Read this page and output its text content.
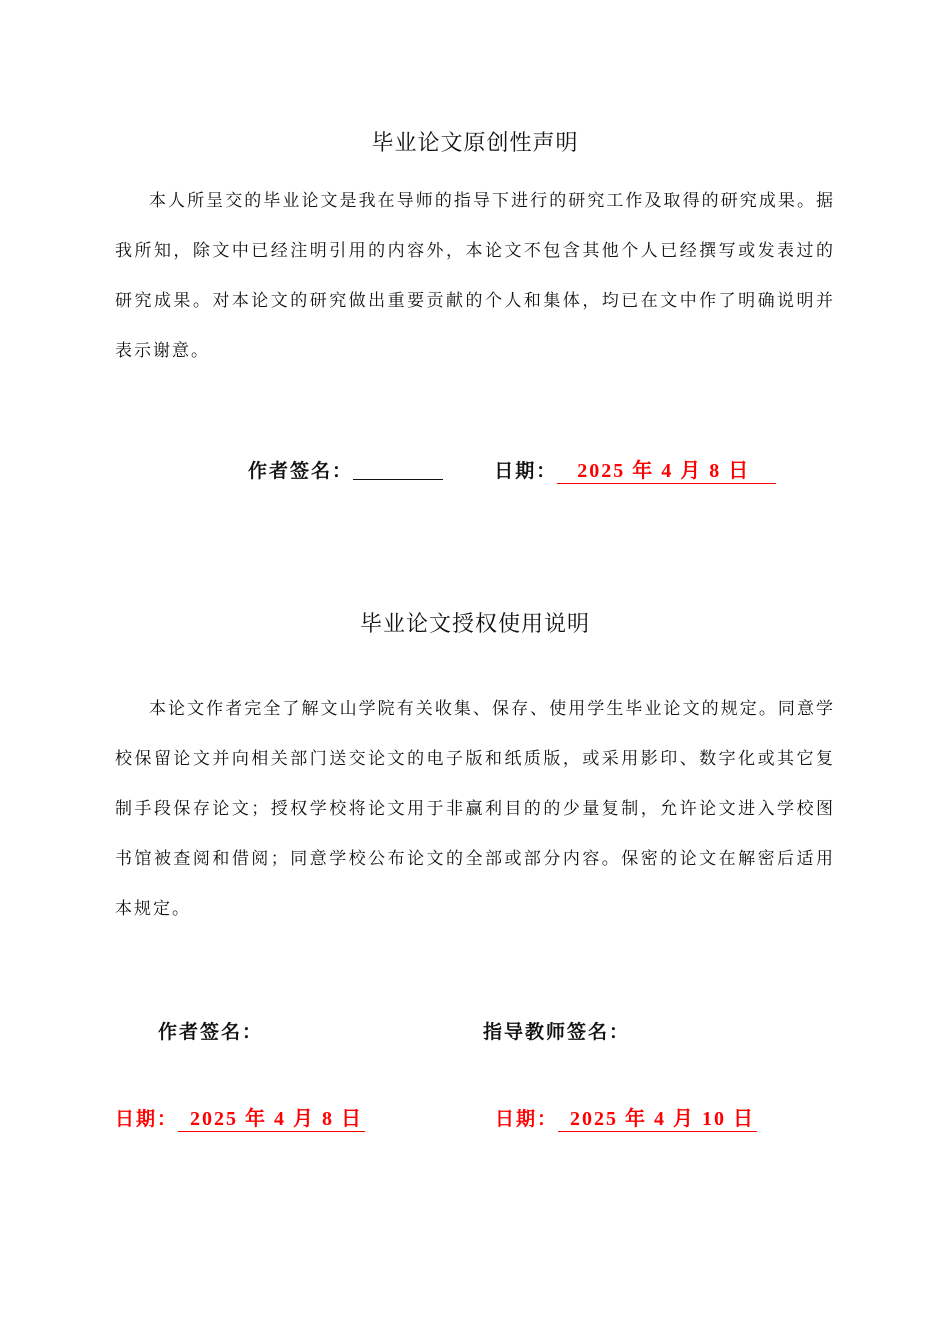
毕业论文原创性声明

本人所呈交的毕业论文是我在导师的指导下进行的研究工作及取得的研究成果。据我所知，除文中已经注明引用的内容外，本论文不包含其他个人已经撰写或发表过的研究成果。对本论文的研究做出重要贡献的个人和集体，均已在文中作了明确说明并表示谢意。

作者签名：	日期： 2025 年 4 月 8 日
毕业论文授权使用说明

本论文作者完全了解文山学院有关收集、保存、使用学生毕业论文的规定。同意学校保留论文并向相关部门送交论文的电子版和纸质版，或采用影印、数字化或其它复制手段保存论文；授权学校将论文用于非赢利目的的少量复制，允许论文进入学校图书馆被查阅和借阅；同意学校公布论文的全部或部分内容。保密的论文在解密后适用本规定。

作者签名：	指导教师签名：
日期： 2025 年 4 月 8 日	日期： 2025 年 4 月 10 日
